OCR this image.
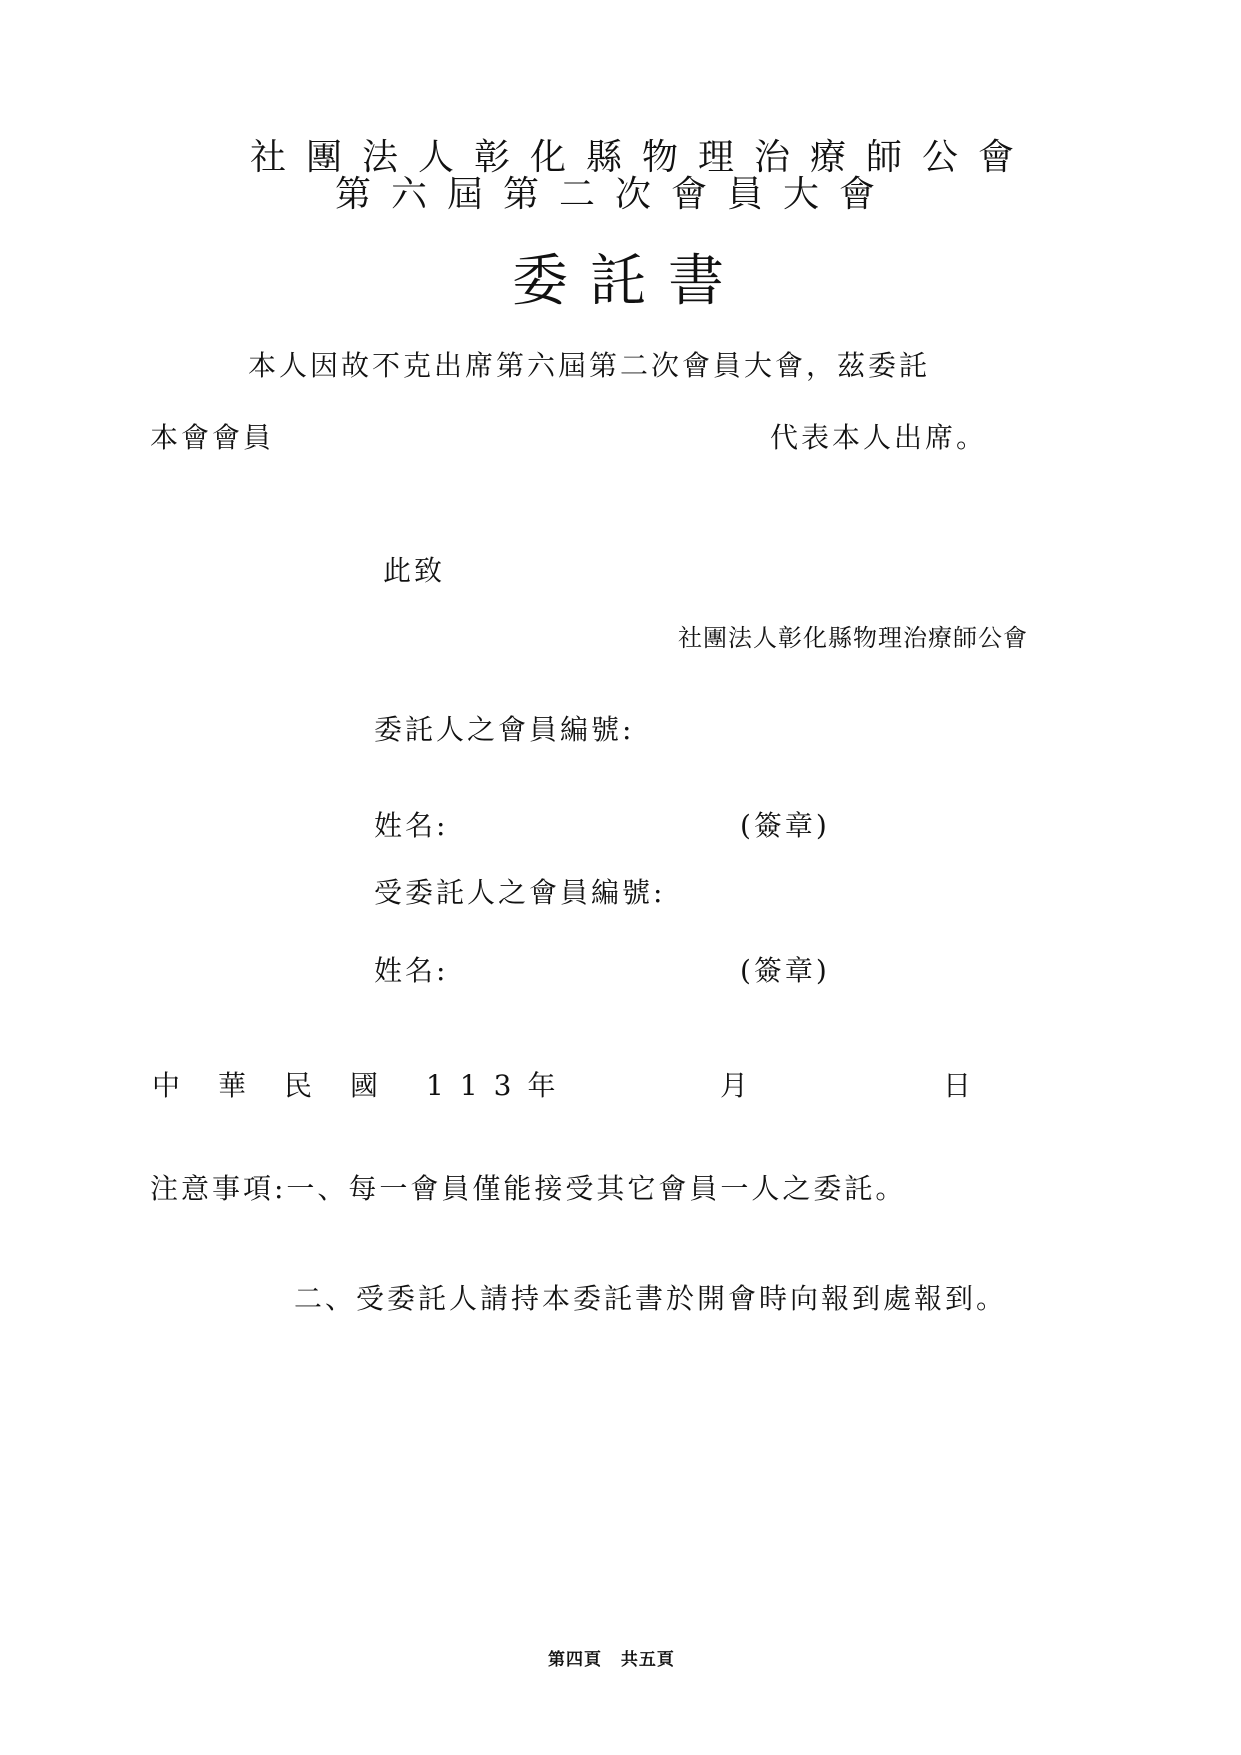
社團法人彰化縣物理治療師公會
第六屆第二次會員大會
委託書
本人因故不克出席第六屆第二次會員大會，茲委託
本會會員	代表本人出席。
此致
社團法人彰化縣物理治療師公會
委託人之會員編號:
姓名:	(簽章)
受委託人之會員編號:
姓名:	(簽章)
中華民國 113年	月	日
注意事項:一、每一會員僅能接受其它會員一人之委託。
二、受委託人請持本委託書於開會時向報到處報到。
第四頁 共五頁
